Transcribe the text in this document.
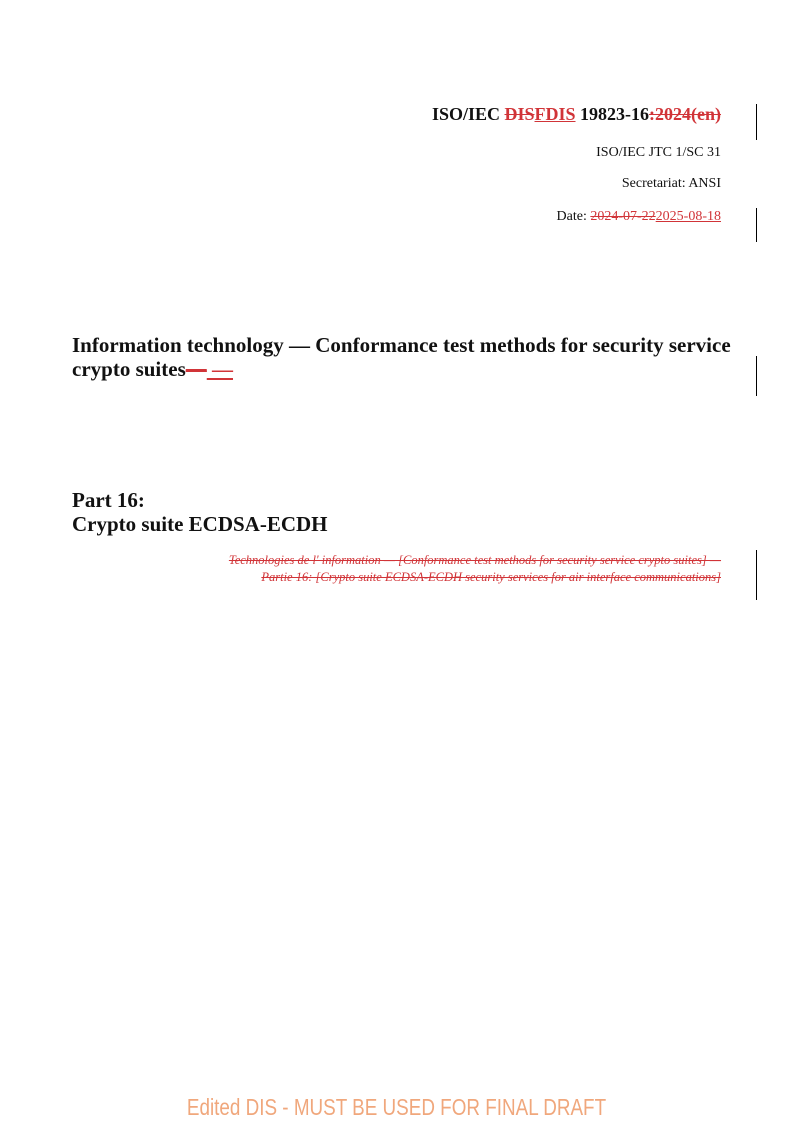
ISO/IEC DISFDIS 19823-16:2024(en)
ISO/IEC JTC 1/SC 31
Secretariat: ANSI
Date: 2024-07-222025-08-18
Information technology — Conformance test methods for security service crypto suites— —
Part 16:
Crypto suite ECDSA-ECDH
Technologies de l' information — [Conformance test methods for security service crypto suites] —
Partie 16: [Crypto suite ECDSA-ECDH security services for air interface communications]
Edited DIS - MUST BE USED FOR FINAL DRAFT
